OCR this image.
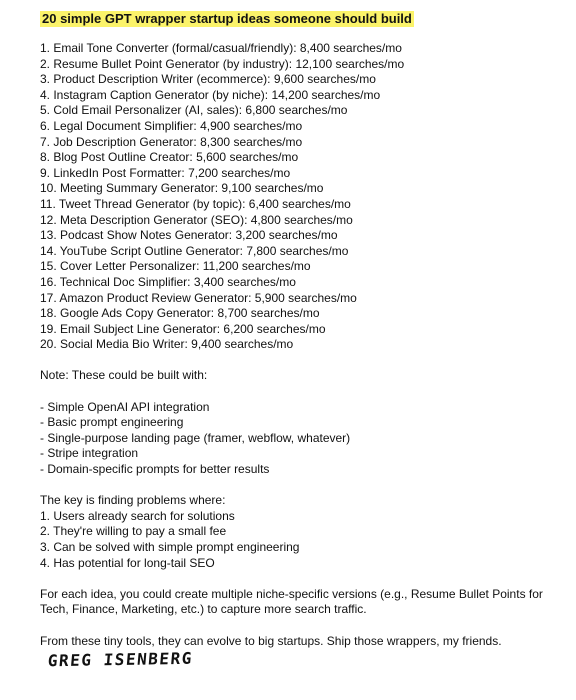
20 simple GPT wrapper startup ideas someone should build
1. Email Tone Converter (formal/casual/friendly): 8,400 searches/mo
2. Resume Bullet Point Generator (by industry): 12,100 searches/mo
3. Product Description Writer (ecommerce): 9,600 searches/mo
4. Instagram Caption Generator (by niche): 14,200 searches/mo
5. Cold Email Personalizer (AI, sales): 6,800 searches/mo
6. Legal Document Simplifier: 4,900 searches/mo
7. Job Description Generator: 8,300 searches/mo
8. Blog Post Outline Creator: 5,600 searches/mo
9. LinkedIn Post Formatter: 7,200 searches/mo
10. Meeting Summary Generator: 9,100 searches/mo
11. Tweet Thread Generator (by topic): 6,400 searches/mo
12. Meta Description Generator (SEO): 4,800 searches/mo
13. Podcast Show Notes Generator: 3,200 searches/mo
14. YouTube Script Outline Generator: 7,800 searches/mo
15. Cover Letter Personalizer: 11,200 searches/mo
16. Technical Doc Simplifier: 3,400 searches/mo
17. Amazon Product Review Generator: 5,900 searches/mo
18. Google Ads Copy Generator: 8,700 searches/mo
19. Email Subject Line Generator: 6,200 searches/mo
20. Social Media Bio Writer: 9,400 searches/mo
Note: These could be built with:
- Simple OpenAI API integration
- Basic prompt engineering
- Single-purpose landing page (framer, webflow, whatever)
- Stripe integration
- Domain-specific prompts for better results
The key is finding problems where:
1. Users already search for solutions
2. They're willing to pay a small fee
3. Can be solved with simple prompt engineering
4. Has potential for long-tail SEO
For each idea, you could create multiple niche-specific versions (e.g., Resume Bullet Points for Tech, Finance, Marketing, etc.) to capture more search traffic.
From these tiny tools, they can evolve to big startups. Ship those wrappers, my friends.
GREG ISENBERG
